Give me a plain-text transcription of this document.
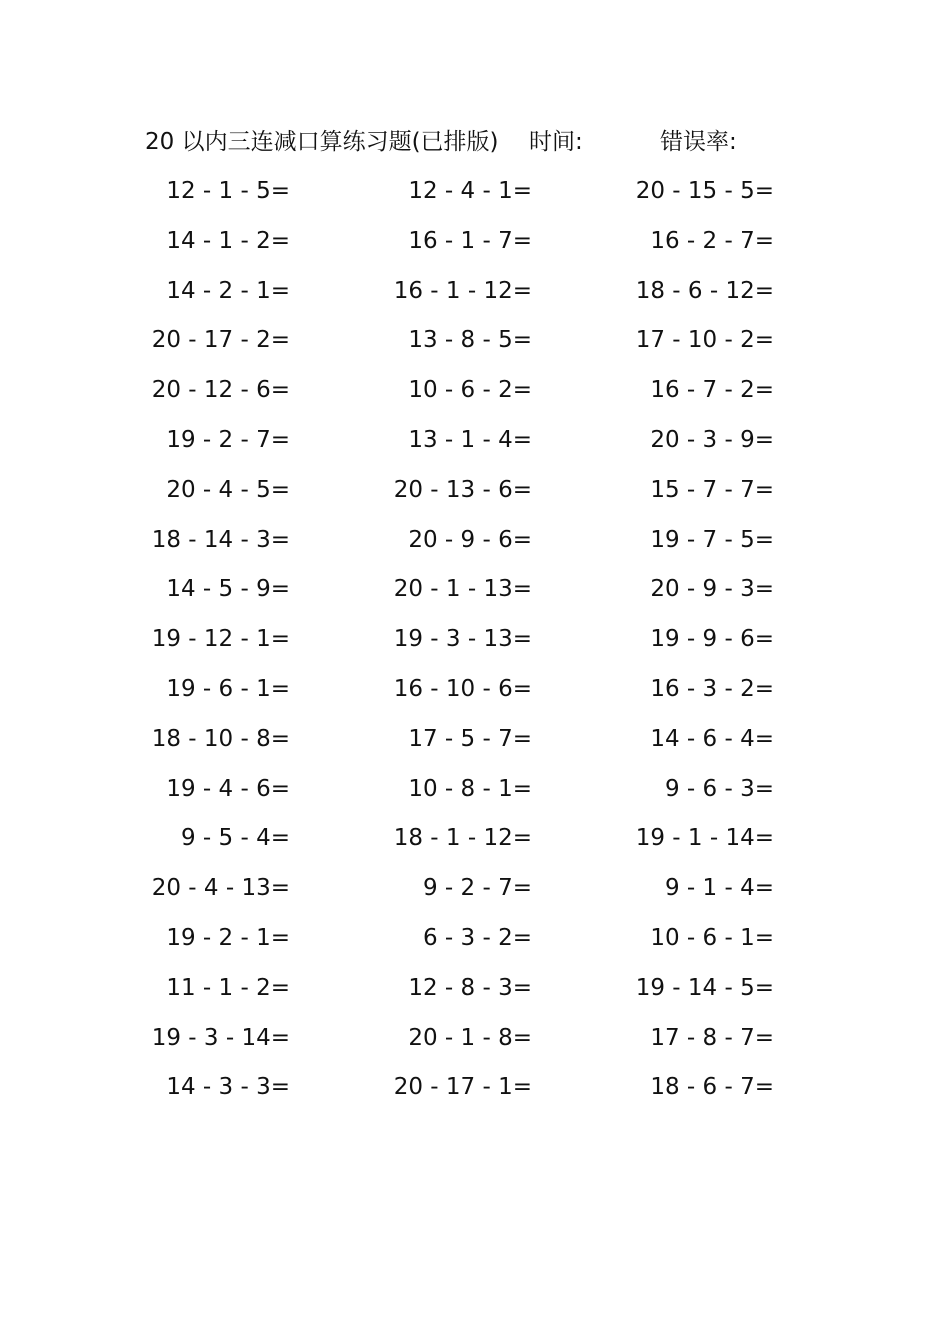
20 以内三连减口算练习题(已排版) 时间:	错误率:
12 - 1 - 5=	12 - 4 - 1=	20 - 15 - 5=
14 - 1 - 2=	16 - 1 - 7=	16 - 2 - 7=
14 - 2 - 1=	16 - 1 - 12=	18 - 6 - 12=
20 - 17 - 2=	13 - 8 - 5=	17 - 10 - 2=
20 - 12 - 6=	10 - 6 - 2=	16 - 7 - 2=
19 - 2 - 7=	13 - 1 - 4=	20 - 3 - 9=
20 - 4 - 5=	20 - 13 - 6=	15 - 7 - 7=
18 - 14 - 3=	20 - 9 - 6=	19 - 7 - 5=
14 - 5 - 9=	20 - 1 - 13=	20 - 9 - 3=
19 - 12 - 1=	19 - 3 - 13=	19 - 9 - 6=
19 - 6 - 1=	16 - 10 - 6=	16 - 3 - 2=
18 - 10 - 8=	17 - 5 - 7=	14 - 6 - 4=
19 - 4 - 6=	10 - 8 - 1=	9 - 6 - 3=
9 - 5 - 4=	18 - 1 - 12=	19 - 1 - 14=
20 - 4 - 13=	9 - 2 - 7=	9 - 1 - 4=
19 - 2 - 1=	6 - 3 - 2=	10 - 6 - 1=
11 - 1 - 2=	12 - 8 - 3=	19 - 14 - 5=
19 - 3 - 14=	20 - 1 - 8=	17 - 8 - 7=
14 - 3 - 3=	20 - 17 - 1=	18 - 6 - 7=
